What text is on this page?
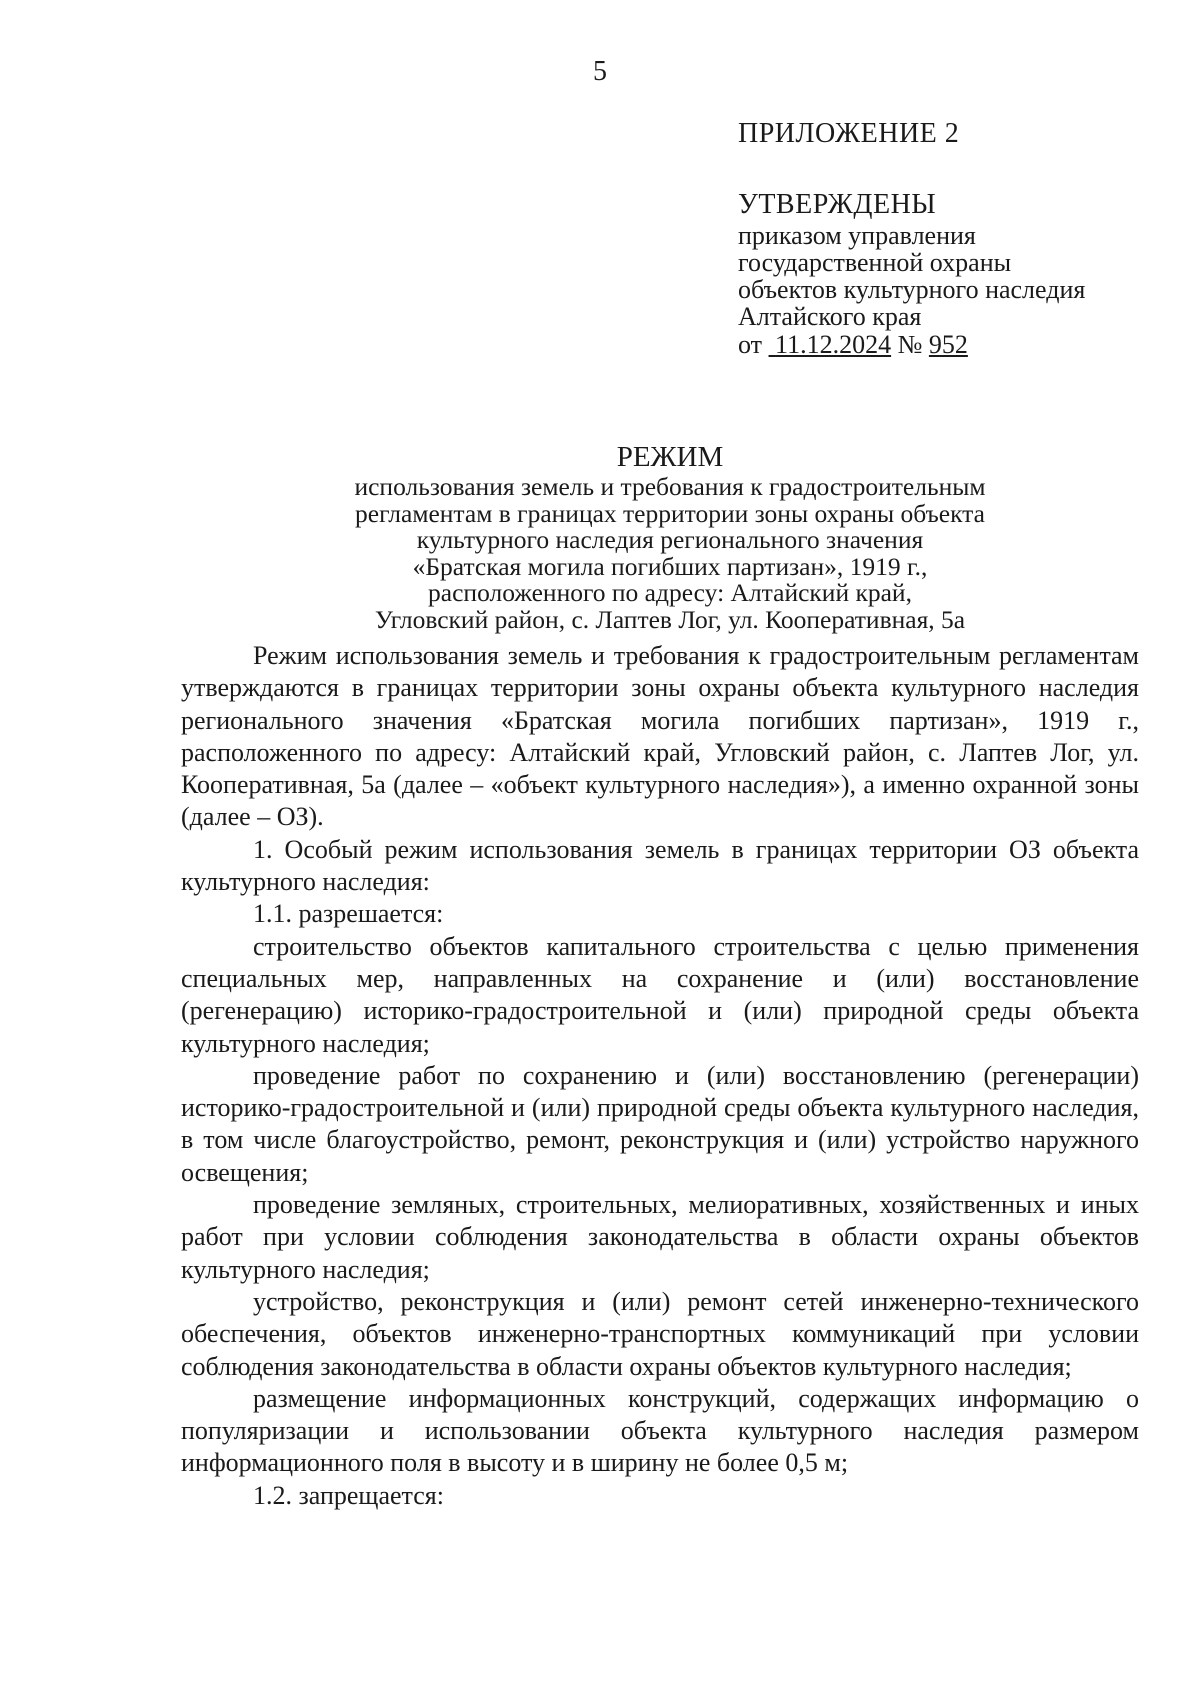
5
ПРИЛОЖЕНИЕ 2
УТВЕРЖДЕНЫ
приказом управления
государственной охраны
объектов культурного наследия
Алтайского края
от 11.12.2024 № 952
РЕЖИМ
использования земель и требования к градостроительным
регламентам в границах территории зоны охраны объекта
культурного наследия регионального значения
«Братская могила погибших партизан», 1919 г.,
расположенного по адресу: Алтайский край,
Угловский район, с. Лаптев Лог, ул. Кооперативная, 5а

Режим использования земель и требования к градостроительным регламентам утверждаются в границах территории зоны охраны объекта культурного наследия регионального значения «Братская могила погибших партизан», 1919 г., расположенного по адресу: Алтайский край, Угловский район, с. Лаптев Лог, ул. Кооперативная, 5а (далее – «объект культурного наследия»), а именно охранной зоны (далее – ОЗ).

1. Особый режим использования земель в границах территории ОЗ объекта культурного наследия:

1.1. разрешается:

строительство объектов капитального строительства с целью применения специальных мер, направленных на сохранение и (или) восстановление (регенерацию) историко-градостроительной и (или) природной среды объекта культурного наследия;

проведение работ по сохранению и (или) восстановлению (регенерации) историко-градостроительной и (или) природной среды объекта культурного наследия, в том числе благоустройство, ремонт, реконструкция и (или) устройство наружного освещения;

проведение земляных, строительных, мелиоративных, хозяйственных и иных работ при условии соблюдения законодательства в области охраны объектов культурного наследия;

устройство, реконструкция и (или) ремонт сетей инженерно-технического обеспечения, объектов инженерно-транспортных коммуникаций при условии соблюдения законодательства в области охраны объектов культурного наследия;

размещение информационных конструкций, содержащих информацию о популяризации и использовании объекта культурного наследия размером информационного поля в высоту и в ширину не более 0,5 м;

1.2. запрещается:
